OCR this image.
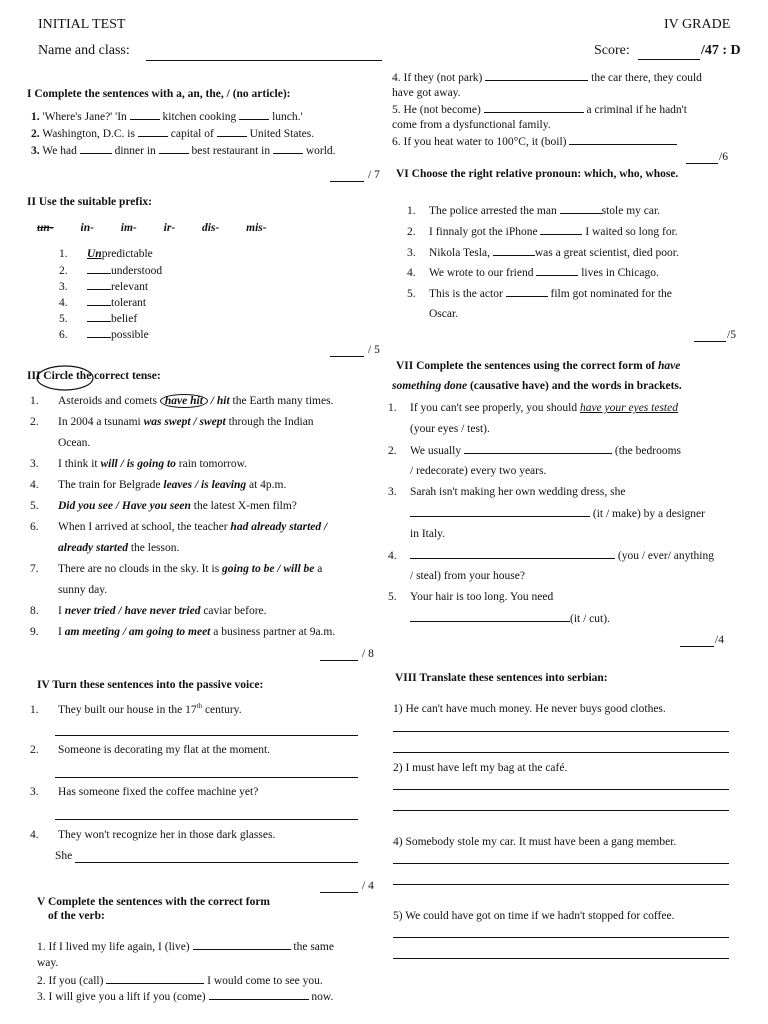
INITIAL TEST	IV GRADE
Name and class:	Score:	/47 : D
I Complete the sentences with a, an, the, / (no article):
1. 'Where's Jane?' 'In	kitchen cooking	lunch.'
2. Washington, D.C. is	capital of	United States.
3. We had	dinner in	best restaurant in	world.
/ 7
II Use the suitable prefix:
un- in- im- ir- dis- mis-
1. Unpredictable
2.	understood
3.	relevant
4.	tolerant
5.	belief
6.	possible
/ 5
III Circle the correct tense:
1. Asteroids and comets have hit / hit the Earth many times.
2. In 2004 a tsunami was swept / swept through the Indian
Ocean.
3. I think it will / is going to rain tomorrow.
4. The train for Belgrade leaves / is leaving at 4p.m.
5. Did you see / Have you seen the latest X-men film?
6. When I arrived at school, the teacher had already started /
already started the lesson.
7. There are no clouds in the sky. It is going to be / will be a
sunny day.
8. I never tried / have never tried caviar before.
9. I am meeting / am going to meet a business partner at 9a.m.
/ 8
IV Turn these sentences into the passive voice:
1. They built our house in the 17th century.
2. Someone is decorating my flat at the moment.
3. Has someone fixed the coffee machine yet?
4. They won't recognize her in those dark glasses.
She
/ 4
V Complete the sentences with the correct form
of the verb:
1. If I lived my life again, I (live)	the same
way.
2. If you (call)	I would come to see you.
3. I will give you a lift if you (come)	now.
4. If they (not park)	the car there, they could
have got away.
5. He (not become)	a criminal if he hadn't
come from a dysfunctional family.
6. If you heat water to 100°C, it (boil)
/6
VI Choose the right relative pronoun: which, who, whose.
1. The police arrested the man	stole my car.
2. I finnaly got the iPhone	I waited so long for.
3. Nikola Tesla,	was a great scientist, died poor.
4. We wrote to our friend	lives in Chicago.
5. This is the actor	film got nominated for the
Oscar.
/5
VII Complete the sentences using the correct form of have
something done (causative have) and the words in brackets.
1. If you can't see properly, you should have your eyes tested
(your eyes / test).
2. We usually	(the bedrooms
/ redecorate) every two years.
3. Sarah isn't making her own wedding dress, she
(it / make) by a designer
in Italy.
4.	(you / ever/ anything
/ steal) from your house?
5. Your hair is too long. You need
(it / cut).
/4
VIII Translate these sentences into serbian:
1) He can't have much money. He never buys good clothes.
2) I must have left my bag at the café.
4) Somebody stole my car. It must have been a gang member.
5) We could have got on time if we hadn't stopped for coffee.
